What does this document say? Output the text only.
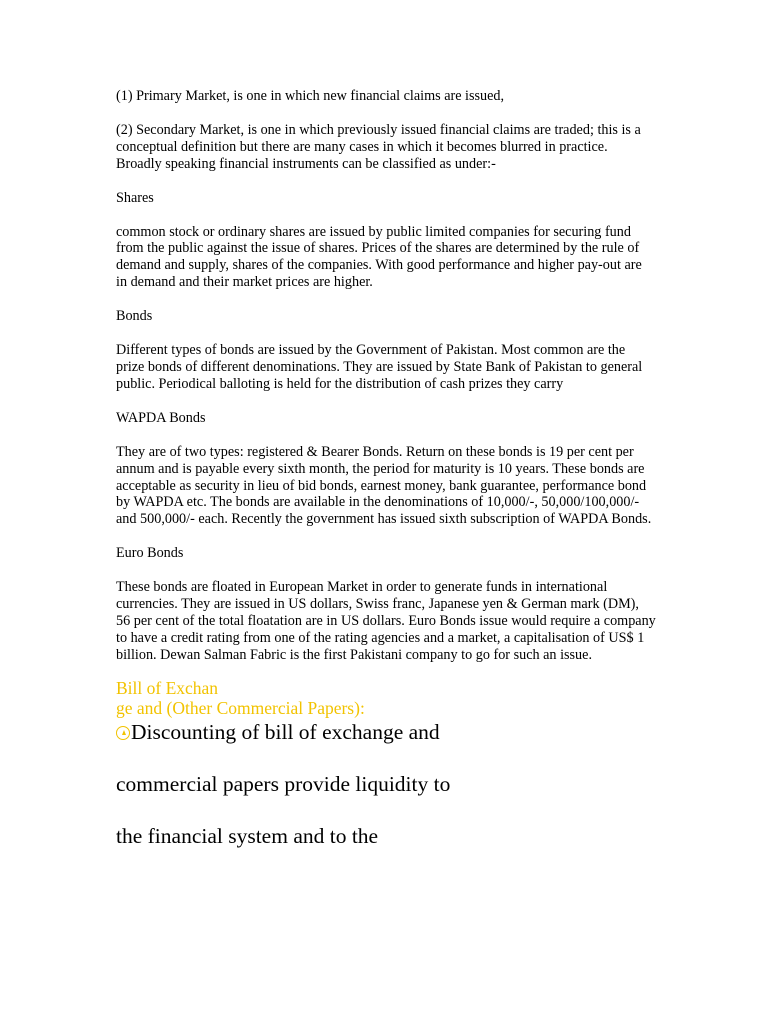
(1) Primary Market, is one in which new financial claims are issued,

(2) Secondary Market, is one in which previously issued financial claims are traded; this is a conceptual definition but there are many cases in which it becomes blurred in practice. Broadly speaking financial instruments can be classified as under:-

Shares

common stock or ordinary shares are issued by public limited companies for securing fund from the public against the issue of shares. Prices of the shares are determined by the rule of demand and supply, shares of the companies. With good performance and higher pay-out are in demand and their market prices are higher.

Bonds

Different types of bonds are issued by the Government of Pakistan. Most common are the prize bonds of different denominations. They are issued by State Bank of Pakistan to general public. Periodical balloting is held for the distribution of cash prizes they carry

WAPDA Bonds

They are of two types: registered & Bearer Bonds. Return on these bonds is 19 per cent per annum and is payable every sixth month, the period for maturity is 10 years. These bonds are acceptable as security in lieu of bid bonds, earnest money, bank guarantee, performance bond by WAPDA etc. The bonds are available in the denominations of 10,000/-, 50,000/100,000/- and 500,000/- each. Recently the government has issued sixth subscription of WAPDA Bonds.

Euro Bonds

These bonds are floated in European Market in order to generate funds in international currencies. They are issued in US dollars, Swiss franc, Japanese yen & German mark (DM), 56 per cent of the total floatation are in US dollars. Euro Bonds issue would require a company to have a credit rating from one of the rating agencies and a market, a capitalisation of US$ 1 billion. Dewan Salman Fabric is the first Pakistani company to go for such an issue.

Bill of Exchan

ge and (Other Commercial Papers):

Discounting of bill of exchange and

commercial papers provide liquidity to

the financial system and to the
